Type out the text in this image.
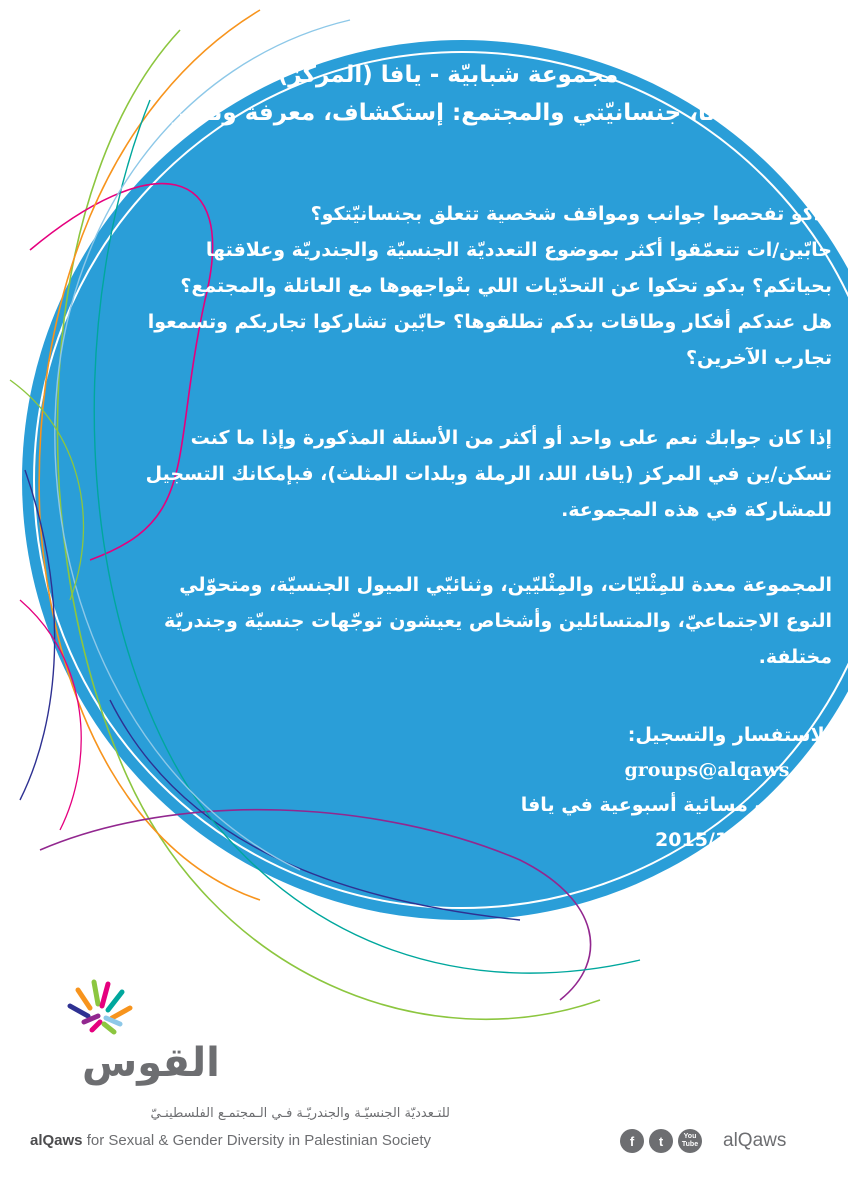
مجموعة شبابيّة - يافا (المركز)
"أنا، جنسانيّتي والمجتمع: إستكشاف، معرفة وتأثير"
بدكو تفحصوا جوانب ومواقف شخصية تتعلق بجنسانيّتكو؟
حابّين/ات تتعمّقوا أكثر بموضوع التعدديّة الجنسيّة والجندريّة وعلاقتها
بحياتكم؟ بدكو تحكوا عن التحدّيات اللي بتْواجهوها مع العائلة والمجتمع؟
هل عندكم أفكار وطاقات بدكم تطلقوها؟ حابّين تشاركوا تجاربكم وتسمعوا
تجارب الآخرين؟
إذا كان جوابك نعم على واحد أو أكثر من الأسئلة المذكورة وإذا ما كنت
تسكن/ين في المركز (يافا، اللد، الرملة وبلدات المثلث)، فبإمكانك التسجيل
للمشاركة في هذه المجموعة.
المجموعة معدة للمِثْليّات، والمِثْليّين، وثنائيّي الميول الجنسيّة، ومتحوّلي
النوع الاجتماعيّ، والمتسائلين وأشخاص يعيشون توجّهات جنسيّة وجندريّة
مختلفة.
للاستفسار والتسجيل:
groups@alqaws.org
اللقاءات مسائية أسبوعية في يافا
ابتداءً من 2015/10
القوس
للتـعدديّة الجنسيّـة والجندريّـة فـي الـمجتمـع الفلسطينـيّ
alQaws for Sexual & Gender Diversity in Palestinian Society	f	t	You
Tube alQaws
